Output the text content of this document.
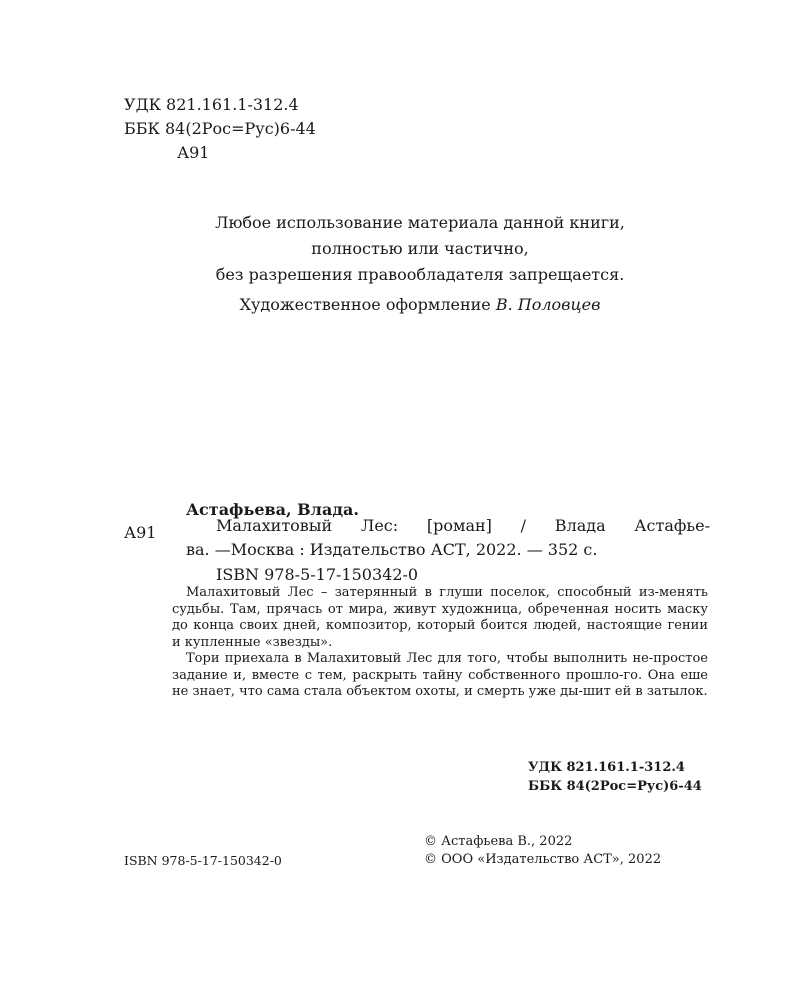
УДК 821.161.1-312.4
ББК 84(2Рос=Рус)6-44
А91
Любое использование материала данной книги,
полностью или частично,
без разрешения правообладателя запрещается.
Художественное оформление В. Половцев
Астафьева, Влада.
А91	Малахитовый Лес: [роман] / Влада Астафье-
ва. —Москва : Издательство АСТ, 2022. — 352 с.
ISBN 978-5-17-150342-0

Малахитовый Лес – затерянный в глуши поселок, способный из-менять судьбы. Там, прячась от мира, живут художница, обреченная носить маску до конца своих дней, композитор, который боится людей, настоящие гении и купленные «звезды».

Тори приехала в Малахитовый Лес для того, чтобы выполнить не-простое задание и, вместе с тем, раскрыть тайну собственного прошло-го. Она еше не знает, что сама стала объектом охоты, и смерть уже ды-шит ей в затылок.

УДК 821.161.1-312.4
ББК 84(2Рос=Рус)6-44
ISBN 978-5-17-150342-0
© Астафьева В., 2022
© ООО «Издательство АСТ», 2022
